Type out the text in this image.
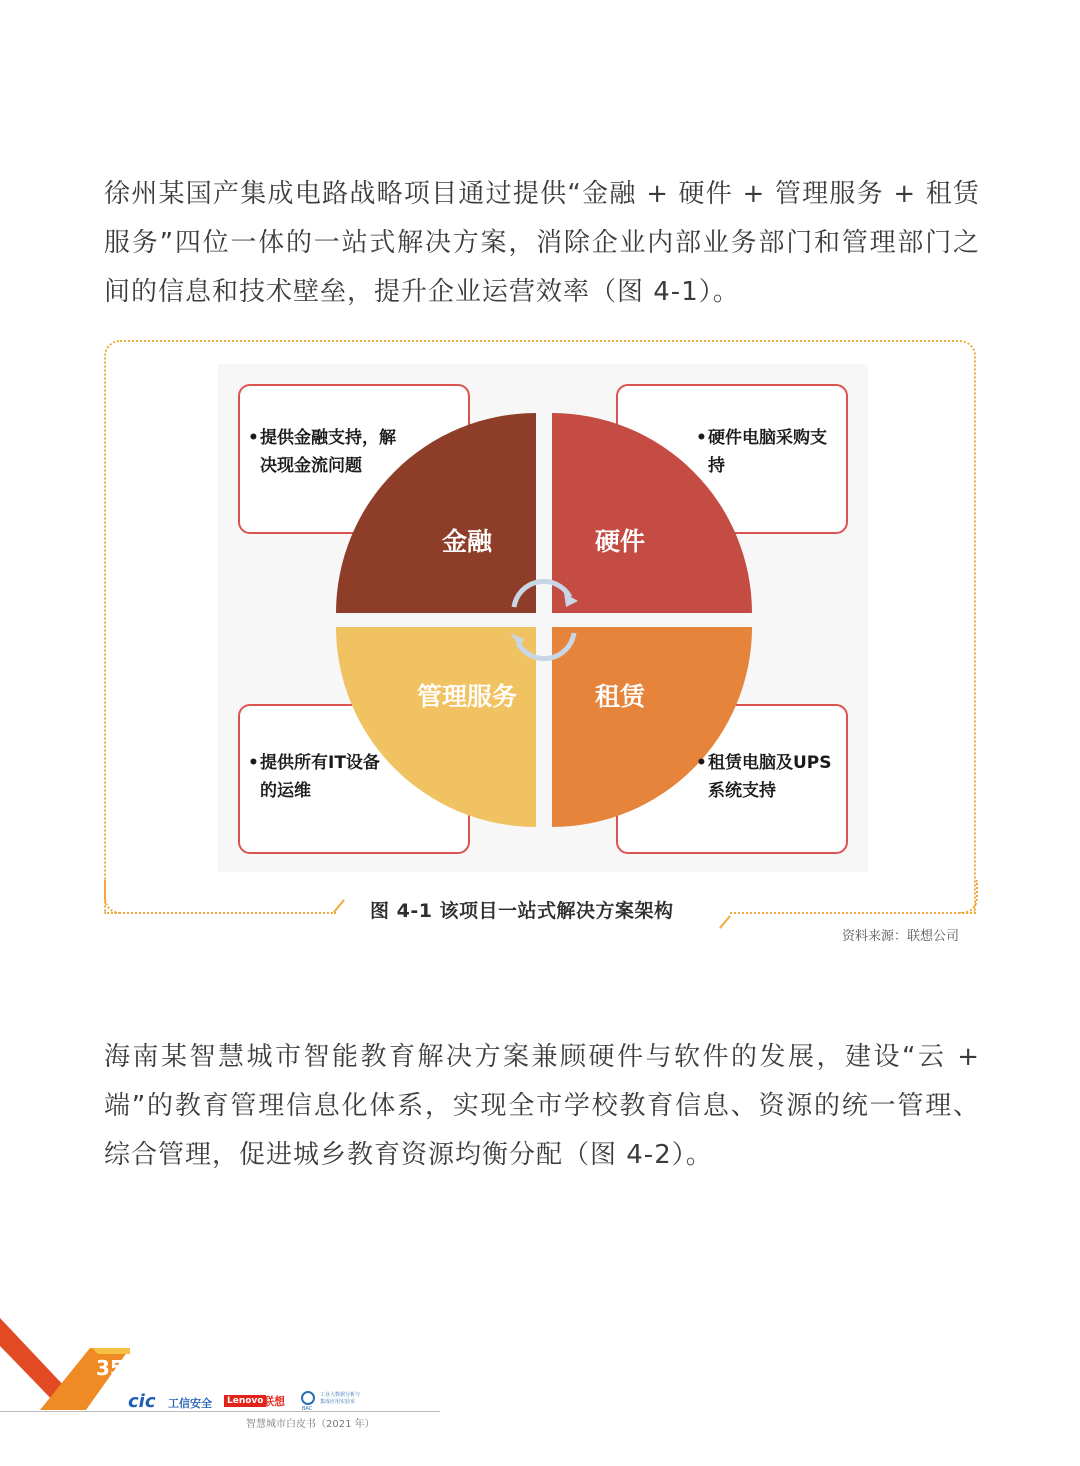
徐州某国产集成电路战略项目通过提供“金融 + 硬件 + 管理服务 + 租赁服务”四位一体的一站式解决方案，消除企业内部业务部门和管理部门之间的信息和技术壁垒，提升企业运营效率（图 4-1）。

金融	硬件
管理服务	租赁
• 提供金融支持，解决现金流问题
• 硬件电脑采购支持
• 提供所有IT设备的运维
• 租赁电脑及UPS系统支持
图 4-1 该项目一站式解决方案架构
资料来源：联想公司

海南某智慧城市智能教育解决方案兼顾硬件与软件的发展，建设“云 + 端”的教育管理信息化体系，实现全市学校教育信息、资源的统一管理、综合管理，促进城乡教育资源均衡分配（图 4-2）。

35
cic 工信安全	Lenovo 联想
BAC
工业大数据分析与集成应用实验室
智慧城市白皮书（2021 年）
